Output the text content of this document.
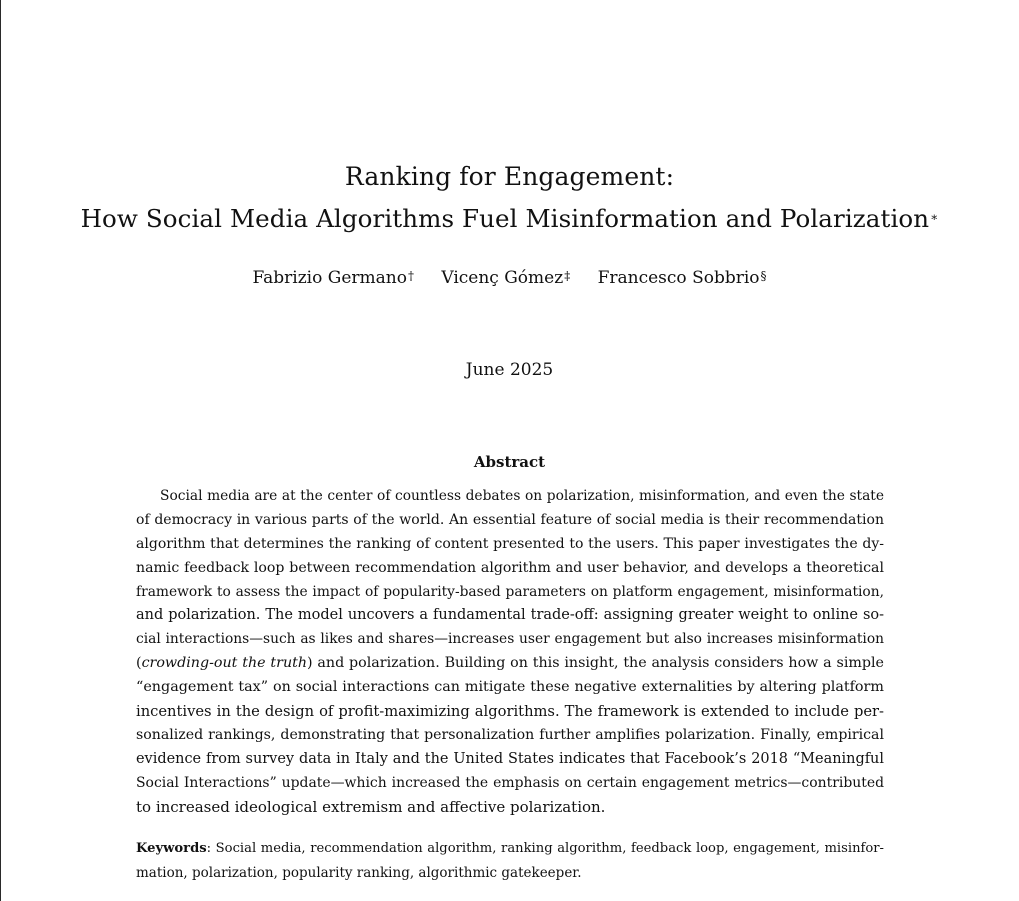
Ranking for Engagement:
How Social Media Algorithms Fuel Misinformation and Polarization∗
Fabrizio Germano† Vicenç Gómez‡ Francesco Sobbrio§
June 2025
Abstract
Social media are at the center of countless debates on polarization, misinformation, and even the state
of democracy in various parts of the world. An essential feature of social media is their recommendation
algorithm that determines the ranking of content presented to the users. This paper investigates the dy-
namic feedback loop between recommendation algorithm and user behavior, and develops a theoretical
framework to assess the impact of popularity-based parameters on platform engagement, misinformation,
and polarization. The model uncovers a fundamental trade-off: assigning greater weight to online so-
cial interactions—such as likes and shares—increases user engagement but also increases misinformation
(crowding-out the truth) and polarization. Building on this insight, the analysis considers how a simple
“engagement tax” on social interactions can mitigate these negative externalities by altering platform
incentives in the design of profit-maximizing algorithms. The framework is extended to include per-
sonalized rankings, demonstrating that personalization further amplifies polarization. Finally, empirical
evidence from survey data in Italy and the United States indicates that Facebook’s 2018 “Meaningful
Social Interactions” update—which increased the emphasis on certain engagement metrics—contributed
to increased ideological extremism and affective polarization.
Keywords: Social media, recommendation algorithm, ranking algorithm, feedback loop, engagement, misinfor-
mation, polarization, popularity ranking, algorithmic gatekeeper.
